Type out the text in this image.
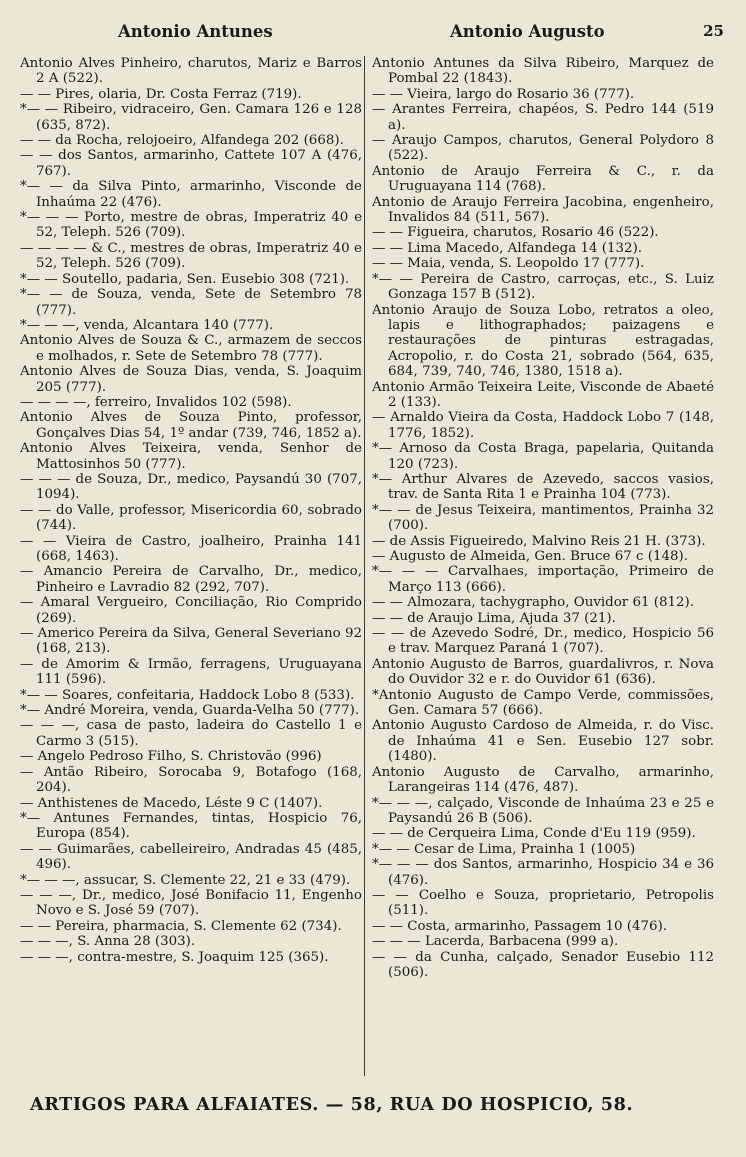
Antonio Antunes	Antonio Augusto	25

Antonio Alves Pinheiro, charutos, Mariz e Barros 2 A (522).

— — Pires, olaria, Dr. Costa Ferraz (719).

*— — Ribeiro, vidraceiro, Gen. Camara 126 e 128 (635, 872).

— — da Rocha, relojoeiro, Alfandega 202 (668).

— — dos Santos, armarinho, Cattete 107 A (476, 767).

*— — da Silva Pinto, armarinho, Visconde de Inhaúma 22 (476).

*— — — Porto, mestre de obras, Imperatriz 40 e 52, Teleph. 526 (709).

— — — — & C., mestres de obras, Imperatriz 40 e 52, Teleph. 526 (709).

*— — Soutello, padaria, Sen. Eusebio 308 (721).

*— — de Souza, venda, Sete de Setembro 78 (777).

*— — —, venda, Alcantara 140 (777).

Antonio Alves de Souza & C., armazem de seccos e molhados, r. Sete de Setembro 78 (777).

Antonio Alves de Souza Dias, venda, S. Joaquim 205 (777).

— — — —, ferreiro, Invalidos 102 (598).

Antonio Alves de Souza Pinto, professor, Gonçalves Dias 54, 1º andar (739, 746, 1852 a).

Antonio Alves Teixeira, venda, Senhor de Mattosinhos 50 (777).

— — — de Souza, Dr., medico, Paysandú 30 (707, 1094).

— — do Valle, professor, Misericordia 60, sobrado (744).

— — Vieira de Castro, joalheiro, Prainha 141 (668, 1463).

— Amancio Pereira de Carvalho, Dr., medico, Pinheiro e Lavradio 82 (292, 707).

— Amaral Vergueiro, Conciliação, Rio Comprido (269).

— Americo Pereira da Silva, General Severiano 92 (168, 213).

— de Amorim & Irmão, ferragens, Uruguayana 111 (596).

*— — Soares, confeitaria, Haddock Lobo 8 (533).

*— André Moreira, venda, Guarda-Velha 50 (777).

— — —, casa de pasto, ladeira do Castello 1 e Carmo 3 (515).

— Angelo Pedroso Filho, S. Christovão (996)

— Antão Ribeiro, Sorocaba 9, Botafogo (168, 204).

— Anthistenes de Macedo, Léste 9 C (1407).

*— Antunes Fernandes, tintas, Hospicio 76, Europa (854).

— — Guimarães, cabelleireiro, Andradas 45 (485, 496).

*— — —, assucar, S. Clemente 22, 21 e 33 (479).

— — —, Dr., medico, José Bonifacio 11, Engenho Novo e S. José 59 (707).

— — Pereira, pharmacia, S. Clemente 62 (734).

— — —, S. Anna 28 (303).

— — —, contra-mestre, S. Joaquim 125 (365).

Antonio Antunes da Silva Ribeiro, Marquez de Pombal 22 (1843).

— — Vieira, largo do Rosario 36 (777).

— Arantes Ferreira, chapéos, S. Pedro 144 (519 a).

— Araujo Campos, charutos, General Polydoro 8 (522).

Antonio de Araujo Ferreira & C., r. da Uruguayana 114 (768).

Antonio de Araujo Ferreira Jacobina, engenheiro, Invalidos 84 (511, 567).

— — Figueira, charutos, Rosario 46 (522).

— — Lima Macedo, Alfandega 14 (132).

— — Maia, venda, S. Leopoldo 17 (777).

*— — Pereira de Castro, carroças, etc., S. Luiz Gonzaga 157 B (512).

Antonio Araujo de Souza Lobo, retratos a oleo, lapis e lithographados; paizagens e restaurações de pinturas estragadas, Acropolio, r. do Costa 21, sobrado (564, 635, 684, 739, 740, 746, 1380, 1518 a).

Antonio Armão Teixeira Leite, Visconde de Abaeté 2 (133).

— Arnaldo Vieira da Costa, Haddock Lobo 7 (148, 1776, 1852).

*— Arnoso da Costa Braga, papelaria, Quitanda 120 (723).

*— Arthur Alvares de Azevedo, saccos vasios, trav. de Santa Rita 1 e Prainha 104 (773).

*— — de Jesus Teixeira, mantimentos, Prainha 32 (700).

— de Assis Figueiredo, Malvino Reis 21 H. (373).

— Augusto de Almeida, Gen. Bruce 67 c (148).

*— — — Carvalhaes, importação, Primeiro de Março 113 (666).

— — Almozara, tachygrapho, Ouvidor 61 (812).

— — de Araujo Lima, Ajuda 37 (21).

— — de Azevedo Sodré, Dr., medico, Hospicio 56 e trav. Marquez Paraná 1 (707).

Antonio Augusto de Barros, guardalivros, r. Nova do Ouvidor 32 e r. do Ouvidor 61 (636).

*Antonio Augusto de Campo Verde, commissões, Gen. Camara 57 (666).

Antonio Augusto Cardoso de Almeida, r. do Visc. de Inhaúma 41 e Sen. Eusebio 127 sobr. (1480).

Antonio Augusto de Carvalho, armarinho, Larangeiras 114 (476, 487).

*— — —, calçado, Visconde de Inhaúma 23 e 25 e Paysandú 26 B (506).

— — de Cerqueira Lima, Conde d'Eu 119 (959).

*— — Cesar de Lima, Prainha 1 (1005)

*— — — dos Santos, armarinho, Hospicio 34 e 36 (476).

— — Coelho e Souza, proprietario, Petropolis (511).

— — Costa, armarinho, Passagem 10 (476).

— — — Lacerda, Barbacena (999 a).

— — da Cunha, calçado, Senador Eusebio 112 (506).

ARTIGOS PARA ALFAIATES. — 58, RUA DO HOSPICIO, 58.
